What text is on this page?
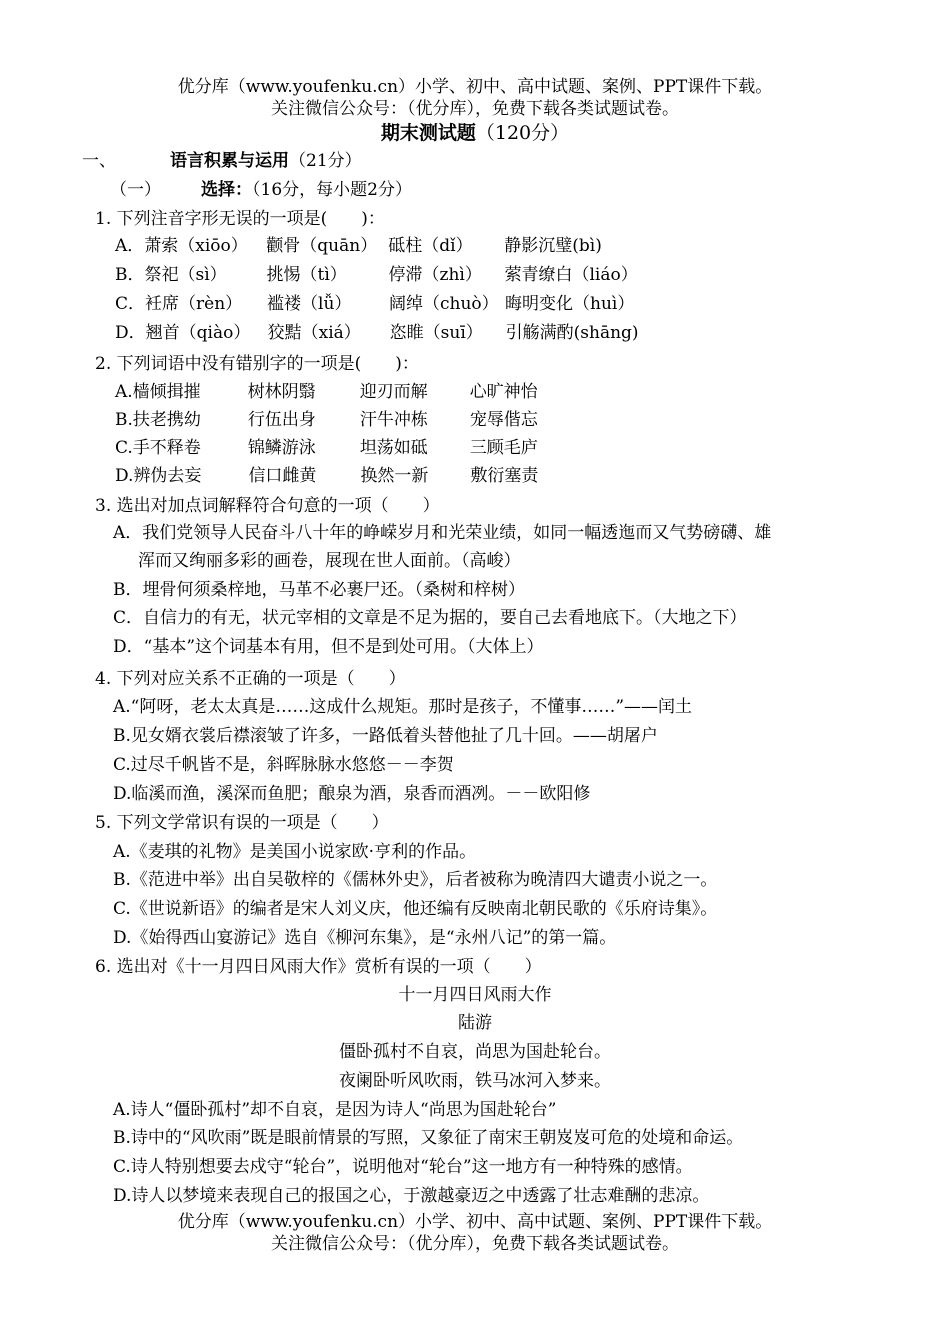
优分库（www.youfenku.cn）小学、初中、高中试题、案例、PPT课件下载。
关注微信公众号：（优分库），免费下载各类试题试卷。
期末测试题（120分）
一、	语言积累与运用（21分）
（一） 选择：（16分，每小题2分）
1. 下列注音字形无误的一项是(　　)：
A．萧索（xiōo） 颧骨（quān） 砥柱（dǐ） 静影沉璧(bì)
B．祭祀（sì） 挑惕（tì） 停滞（zhì） 萦青缭白（liáo）
C．衽席（rèn） 褴褛（lǚ） 阔绰（chuò） 晦明变化（huì）
D．翘首（qiào） 狡黠（xiá） 恣睢（suī） 引觞满酌(shāng)
2. 下列词语中没有错别字的一项是(　　)：
A.樯倾揖摧	树林阴翳	迎刃而解 心旷神怡
B.扶老携幼	行伍出身	汗牛冲栋 宠辱偕忘
C.手不释卷	锦鳞游泳	坦荡如砥 三顾毛庐
D.辨伪去妄	信口雌黄	换然一新 敷衍塞责
3. 选出对加点词解释符合句意的一项（　　）
A．我们党领导人民奋斗八十年的峥嵘岁月和光荣业绩，如同一幅透迤而又气势磅礴、雄
浑而又绚丽多彩的画卷，展现在世人面前。（高峻）
B．埋骨何须桑梓地，马革不必裹尸还。（桑树和梓树）
C．自信力的有无，状元宰相的文章是不足为据的，要自己去看地底下。（大地之下）
D．“基本”这个词基本有用，但不是到处可用。（大体上）
4. 下列对应关系不正确的一项是（　　）
A.“阿呀，老太太真是……这成什么规矩。那时是孩子，不懂事……”——闰土
B.见女婿衣裳后襟滚皱了许多，一路低着头替他扯了几十回。——胡屠户
C.过尽千帆皆不是，斜晖脉脉水悠悠－－李贺
D.临溪而渔，溪深而鱼肥；酿泉为酒，泉香而酒冽。－－欧阳修
5. 下列文学常识有误的一项是（　　）
A.《麦琪的礼物》是美国小说家欧·亨利的作品。
B.《范进中举》出自吴敬梓的《儒林外史》，后者被称为晚清四大谴责小说之一。
C.《世说新语》的编者是宋人刘义庆，他还编有反映南北朝民歌的《乐府诗集》。
D.《始得西山宴游记》选自《柳河东集》，是“永州八记”的第一篇。
6. 选出对《十一月四日风雨大作》赏析有误的一项（　　）
十一月四日风雨大作
陆游
僵卧孤村不自哀，尚思为国赴轮台。
夜阑卧听风吹雨，铁马冰河入梦来。
A.诗人“僵卧孤村”却不自哀，是因为诗人“尚思为国赴轮台”
B.诗中的“风吹雨”既是眼前情景的写照，又象征了南宋王朝岌岌可危的处境和命运。
C.诗人特别想要去戍守“轮台”，说明他对“轮台”这一地方有一种特殊的感情。
D.诗人以梦境来表现自己的报国之心，于激越豪迈之中透露了壮志难酬的悲凉。
优分库（www.youfenku.cn）小学、初中、高中试题、案例、PPT课件下载。
关注微信公众号：（优分库），免费下载各类试题试卷。
